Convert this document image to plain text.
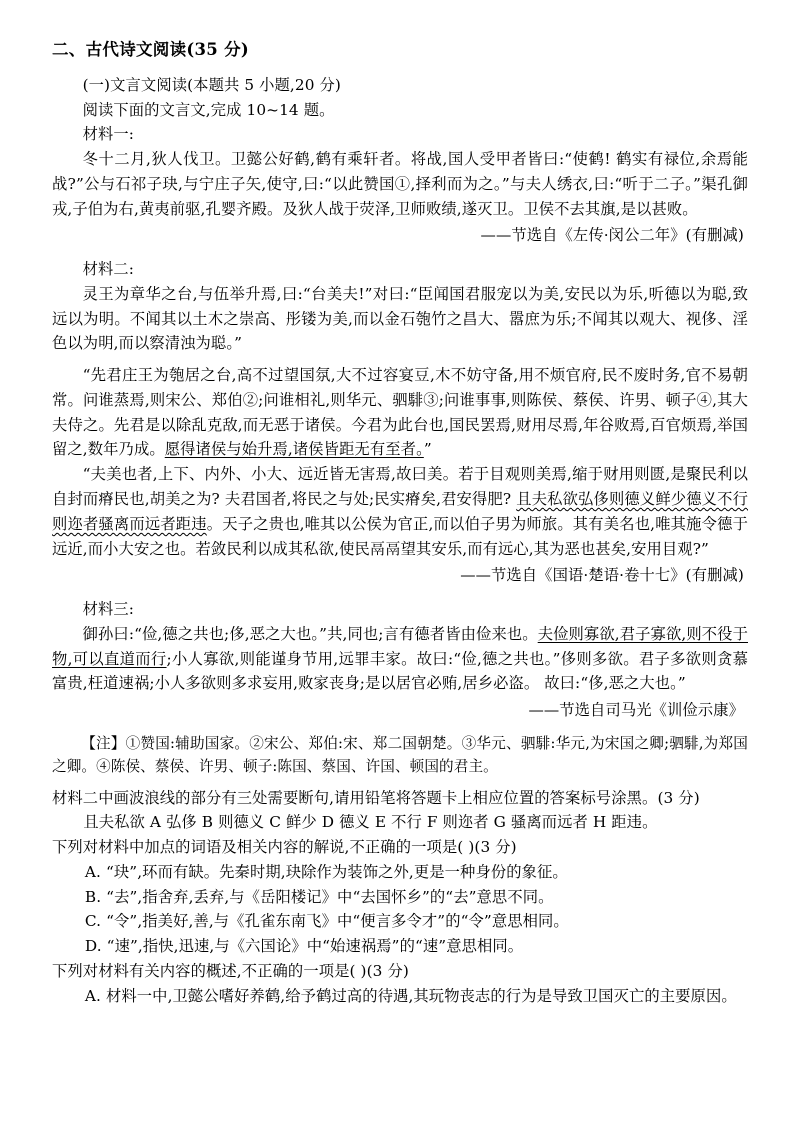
二、古代诗文阅读(35 分)

(一)文言文阅读(本题共 5 小题,20 分)

阅读下面的文言文,完成 10~14 题。

材料一:

冬十二月,狄人伐卫。卫懿公好鹤,鹤有乘轩者。将战,国人受甲者皆曰:“使鹤! 鹤实有禄位,余焉能战?”公与石祁子玦,与宁庄子矢,使守,曰:“以此赞国①,择利而为之。”与夫人绣衣,曰:“听于二子。”渠孔御戎,子伯为右,黄夷前驱,孔婴齐殿。及狄人战于荧泽,卫师败绩,遂灭卫。卫侯不去其旗,是以甚败。

——节选自《左传·闵公二年》(有删减)

材料二:

灵王为章华之台,与伍举升焉,曰:“台美夫!”对曰:“臣闻国君服宠以为美,安民以为乐,听德以为聪,致远以为明。不闻其以土木之崇高、彤镂为美,而以金石匏竹之昌大、嚣庶为乐;不闻其以观大、视侈、淫色以为明,而以察清浊为聪。”

“先君庄王为匏居之台,高不过望国氛,大不过容宴豆,木不妨守备,用不烦官府,民不废时务,官不易朝常。问谁蒸焉,则宋公、郑伯②;问谁相礼,则华元、驷騑③;问谁事事,则陈侯、蔡侯、许男、顿子④,其大夫侍之。先君是以除乱克敌,而无恶于诸侯。今君为此台也,国民罢焉,财用尽焉,年谷败焉,百官烦焉,举国留之,数年乃成。愿得诸侯与始升焉,诸侯皆距无有至者。”

“夫美也者,上下、内外、小大、远近皆无害焉,故曰美。若于目观则美焉,缩于财用则匮,是聚民利以自封而瘠民也,胡美之为? 夫君国者,将民之与处;民实瘠矣,君安得肥? 且夫私欲弘侈则德义鲜少德义不行则迩者骚离而远者距违。天子之贵也,唯其以公侯为官正,而以伯子男为师旅。其有美名也,唯其施令德于远近,而小大安之也。若敛民利以成其私欲,使民鬲鬲望其安乐,而有远心,其为恶也甚矣,安用目观?”

——节选自《国语·楚语·卷十七》(有删减)

材料三:

御孙曰:“俭,德之共也;侈,恶之大也。”共,同也;言有德者皆由俭来也。夫俭则寡欲,君子寡欲,则不役于物,可以直道而行;小人寡欲,则能谨身节用,远罪丰家。故曰:“俭,德之共也。”侈则多欲。君子多欲则贪慕富贵,枉道速祸;小人多欲则多求妄用,败家丧身;是以居官必贿,居乡必盗。 故曰:“侈,恶之大也。”

——节选自司马光《训俭示康》

【注】①赞国:辅助国家。②宋公、郑伯:宋、郑二国朝楚。③华元、驷騑:华元,为宋国之卿;驷騑,为郑国之卿。④陈侯、蔡侯、许男、顿子:陈国、蔡国、许国、顿国的君主。

材料二中画波浪线的部分有三处需要断句,请用铅笔将答题卡上相应位置的答案标号涂黑。(3 分)

且夫私欲 A 弘侈 B 则德义 C 鲜少 D 德义 E 不行 F 则迩者 G 骚离而远者 H 距违。

下列对材料中加点的词语及相关内容的解说,不正确的一项是( )(3 分)

A. “玦”,环而有缺。先秦时期,玦除作为装饰之外,更是一种身份的象征。

B. “去”,指舍弃,丢弃,与《岳阳楼记》中“去国怀乡”的“去”意思不同。

C. “令”,指美好,善,与《孔雀东南飞》中“便言多令才”的“令”意思相同。

D. “速”,指快,迅速,与《六国论》中“始速祸焉”的“速”意思相同。

下列对材料有关内容的概述,不正确的一项是( )(3 分)

A. 材料一中,卫懿公嗜好养鹤,给予鹤过高的待遇,其玩物丧志的行为是导致卫国灭亡的主要原因。
